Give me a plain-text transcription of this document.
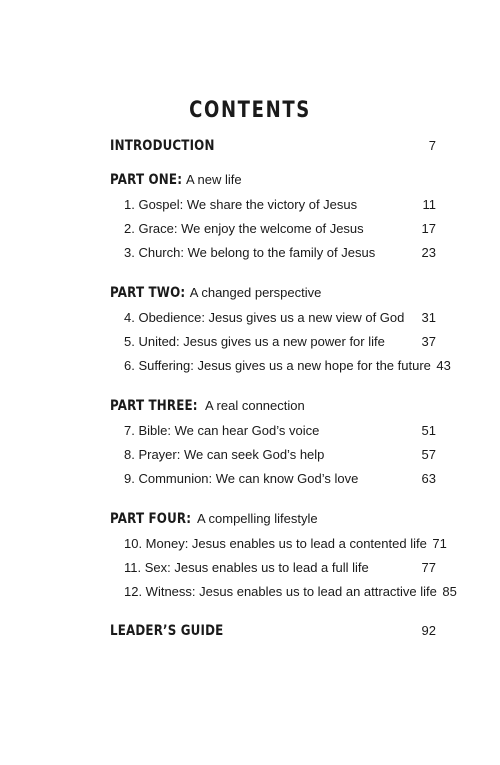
CONTENTS
INTRODUCTION	7
PART ONE: A new life
1. Gospel: We share the victory of Jesus	11
2. Grace: We enjoy the welcome of Jesus	17
3. Church: We belong to the family of Jesus	23
PART TWO: A changed perspective
4. Obedience: Jesus gives us a new view of God	31
5. United: Jesus gives us a new power for life	37
6. Suffering: Jesus gives us a new hope for the future 43
PART THREE: A real connection
7. Bible: We can hear God’s voice	51
8. Prayer: We can seek God’s help	57
9. Communion: We can know God’s love	63
PART FOUR: A compelling lifestyle
10. Money: Jesus enables us to lead a contented life 71
11. Sex: Jesus enables us to lead a full life	77
12. Witness: Jesus enables us to lead an attractive life 85
LEADER’S GUIDE	92
